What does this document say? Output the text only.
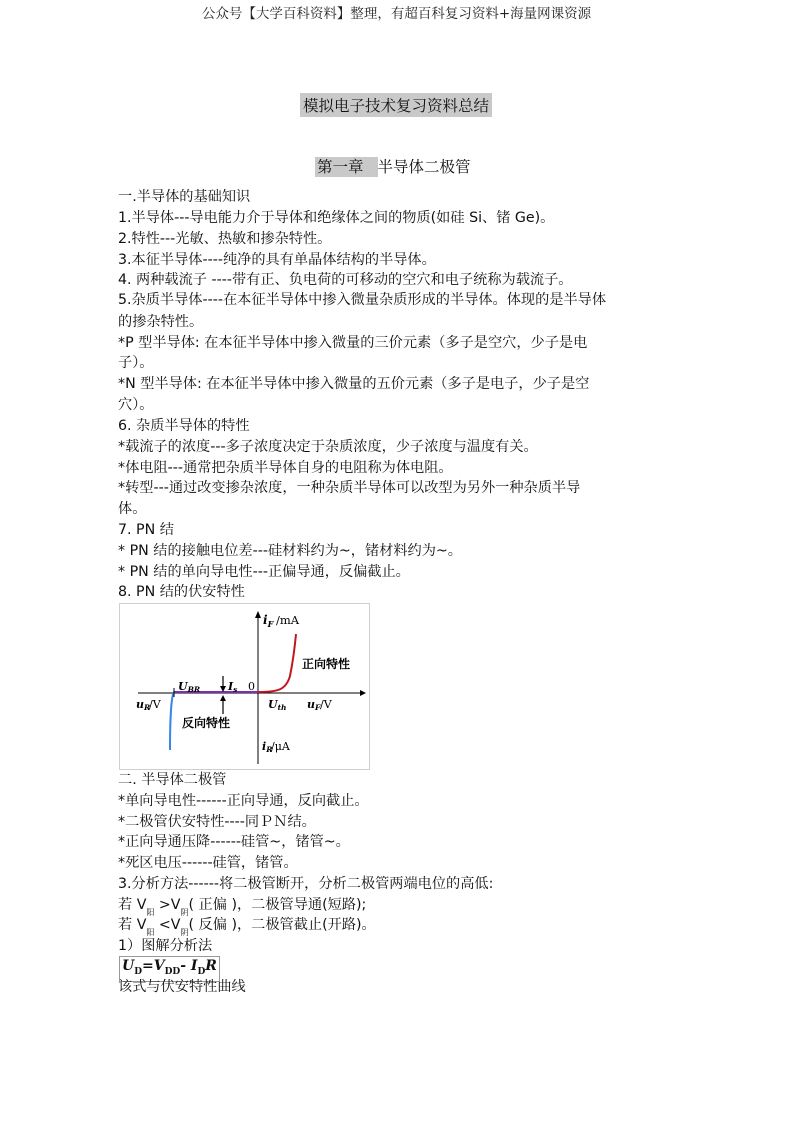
公众号【大学百科资料】整理，有超百科复习资料+海量网课资源
模拟电子技术复习资料总结
第一章 半导体二极管
一.半导体的基础知识
1.半导体---导电能力介于导体和绝缘体之间的物质(如硅 Si、锗 Ge)。
2.特性---光敏、热敏和掺杂特性。
3.本征半导体----纯净的具有单晶体结构的半导体。
4. 两种载流子 ----带有正、负电荷的可移动的空穴和电子统称为载流子。
5.杂质半导体----在本征半导体中掺入微量杂质形成的半导体。体现的是半导体
的掺杂特性。
*P 型半导体: 在本征半导体中掺入微量的三价元素（多子是空穴，少子是电
子）。
*N 型半导体: 在本征半导体中掺入微量的五价元素（多子是电子，少子是空
穴）。
6. 杂质半导体的特性
*载流子的浓度---多子浓度决定于杂质浓度，少子浓度与温度有关。
*体电阻---通常把杂质半导体自身的电阻称为体电阻。
*转型---通过改变掺杂浓度，一种杂质半导体可以改型为另外一种杂质半导
体。
7. PN 结
* PN 结的接触电位差---硅材料约为~，锗材料约为~。
* PN 结的单向导电性---正偏导通，反偏截止。
8. PN 结的伏安特性
$i_F$ /mA
正向特性
UBR	Is 0
uR
/V	Uth uF /V
反向特性
iR
/μA
二. 半导体二极管
*单向导电性------正向导通，反向截止。
*二极管伏安特性----同ＰＮ结。
*正向导通压降------硅管~，锗管~。
*死区电压------硅管，锗管。
3.分析方法------将二极管断开，分析二极管两端电位的高低:
若 $V_阳 >V_阴$( 正偏 )，二极管导通(短路);
若 $V_阳 <V_阴$( 反偏 )，二极管截止(开路)。
1）图解分析法
$U_D=V_{DD}-$ $I_DR$
该式与伏安特性曲线
